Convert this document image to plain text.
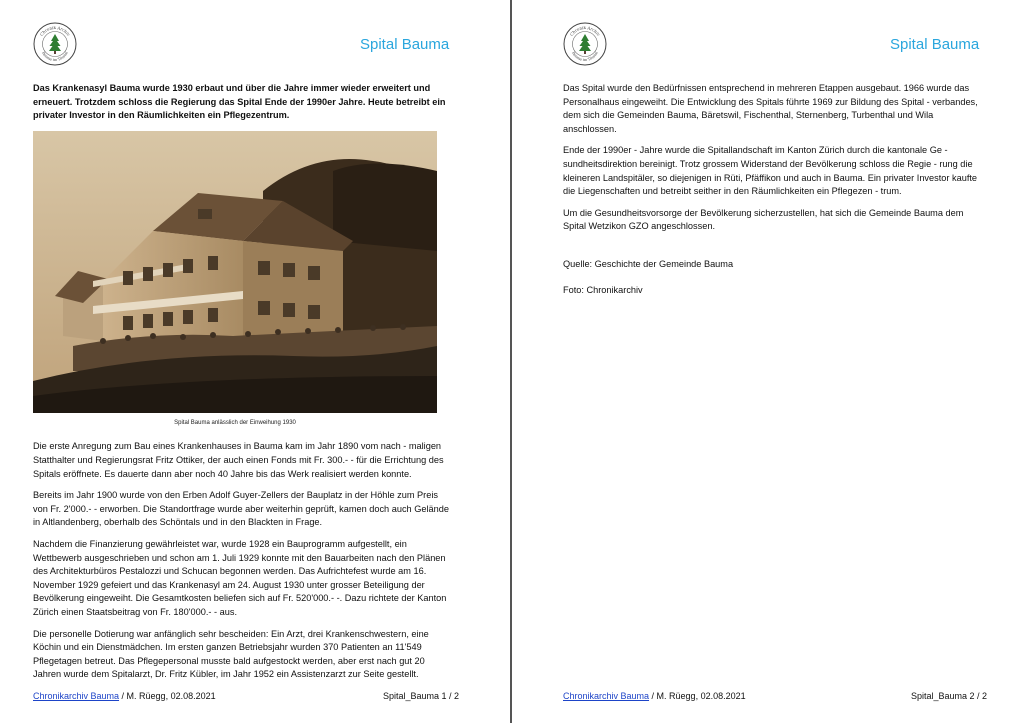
Chronik Archiv
Bauma im Tösstal	Spital Bauma

Das Krankenasyl Bauma wurde 1930 erbaut und über die Jahre immer wieder erweitert und erneuert. Trotzdem schloss die Regierung das Spital Ende der 1990er Jahre. Heute betreibt ein privater Investor in den Räumlichkeiten ein Pflegezentrum.

Spital Bauma anlässlich der Einweihung 1930

Die erste Anregung zum Bau eines Krankenhauses in Bauma kam im Jahr 1890 vom nach - maligen Statthalter und Regierungsrat Fritz Ottiker, der auch einen Fonds mit Fr. 300.- - für die Errichtung des Spitals eröffnete. Es dauerte dann aber noch 40 Jahre bis das Werk realisiert werden konnte.

Bereits im Jahr 1900 wurde von den Erben Adolf Guyer-Zellers der Bauplatz in der Höhle zum Preis von Fr. 2'000.- - erworben. Die Standortfrage wurde aber weiterhin geprüft, kamen doch auch Gelände in Altlandenberg, oberhalb des Schöntals und in den Blackten in Frage.

Nachdem die Finanzierung gewährleistet war, wurde 1928 ein Bauprogramm aufgestellt, ein Wettbewerb ausgeschrieben und schon am 1. Juli 1929 konnte mit den Bauarbeiten nach den Plänen des Architekturbüros Pestalozzi und Schucan begonnen werden. Das Aufrichtefest wurde am 16. November 1929 gefeiert und das Krankenasyl am 24. August 1930 unter grosser Beteiligung der Bevölkerung eingeweiht. Die Gesamtkosten beliefen sich auf Fr. 520'000.- -. Dazu richtete der Kanton Zürich einen Staatsbeitrag von Fr. 180'000.- - aus.

Die personelle Dotierung war anfänglich sehr bescheiden: Ein Arzt, drei Krankenschwestern, eine Köchin und ein Dienstmädchen. Im ersten ganzen Betriebsjahr wurden 370 Patienten an 11'549 Pflegetagen betreut. Das Pflegepersonal musste bald aufgestockt werden, aber erst nach gut 20 Jahren wurde dem Spitalarzt, Dr. Fritz Kübler, im Jahr 1952 ein Assistenzarzt zur Seite gestellt.

Chronikarchiv Bauma / M. Rüegg, 02.08.2021	Spital_Bauma 1 / 2
Chronik Archiv
Bauma im Tösstal	Spital Bauma

Das Spital wurde den Bedürfnissen entsprechend in mehreren Etappen ausgebaut. 1966 wurde das Personalhaus eingeweiht. Die Entwicklung des Spitals führte 1969 zur Bildung des Spital - verbandes, dem sich die Gemeinden Bauma, Bäretswil, Fischenthal, Sternenberg, Turbenthal und Wila anschlossen.

Ende der 1990er - Jahre wurde die Spitallandschaft im Kanton Zürich durch die kantonale Ge - sundheitsdirektion bereinigt. Trotz grossem Widerstand der Bevölkerung schloss die Regie - rung die kleineren Landspitäler, so diejenigen in Rüti, Pfäffikon und auch in Bauma. Ein privater Investor kaufte die Liegenschaften und betreibt seither in den Räumlichkeiten ein Pflegezen - trum.

Um die Gesundheitsvorsorge der Bevölkerung sicherzustellen, hat sich die Gemeinde Bauma dem Spital Wetzikon GZO angeschlossen.

Quelle: Geschichte der Gemeinde Bauma

Foto: Chronikarchiv

Chronikarchiv Bauma / M. Rüegg, 02.08.2021	Spital_Bauma 2 / 2
